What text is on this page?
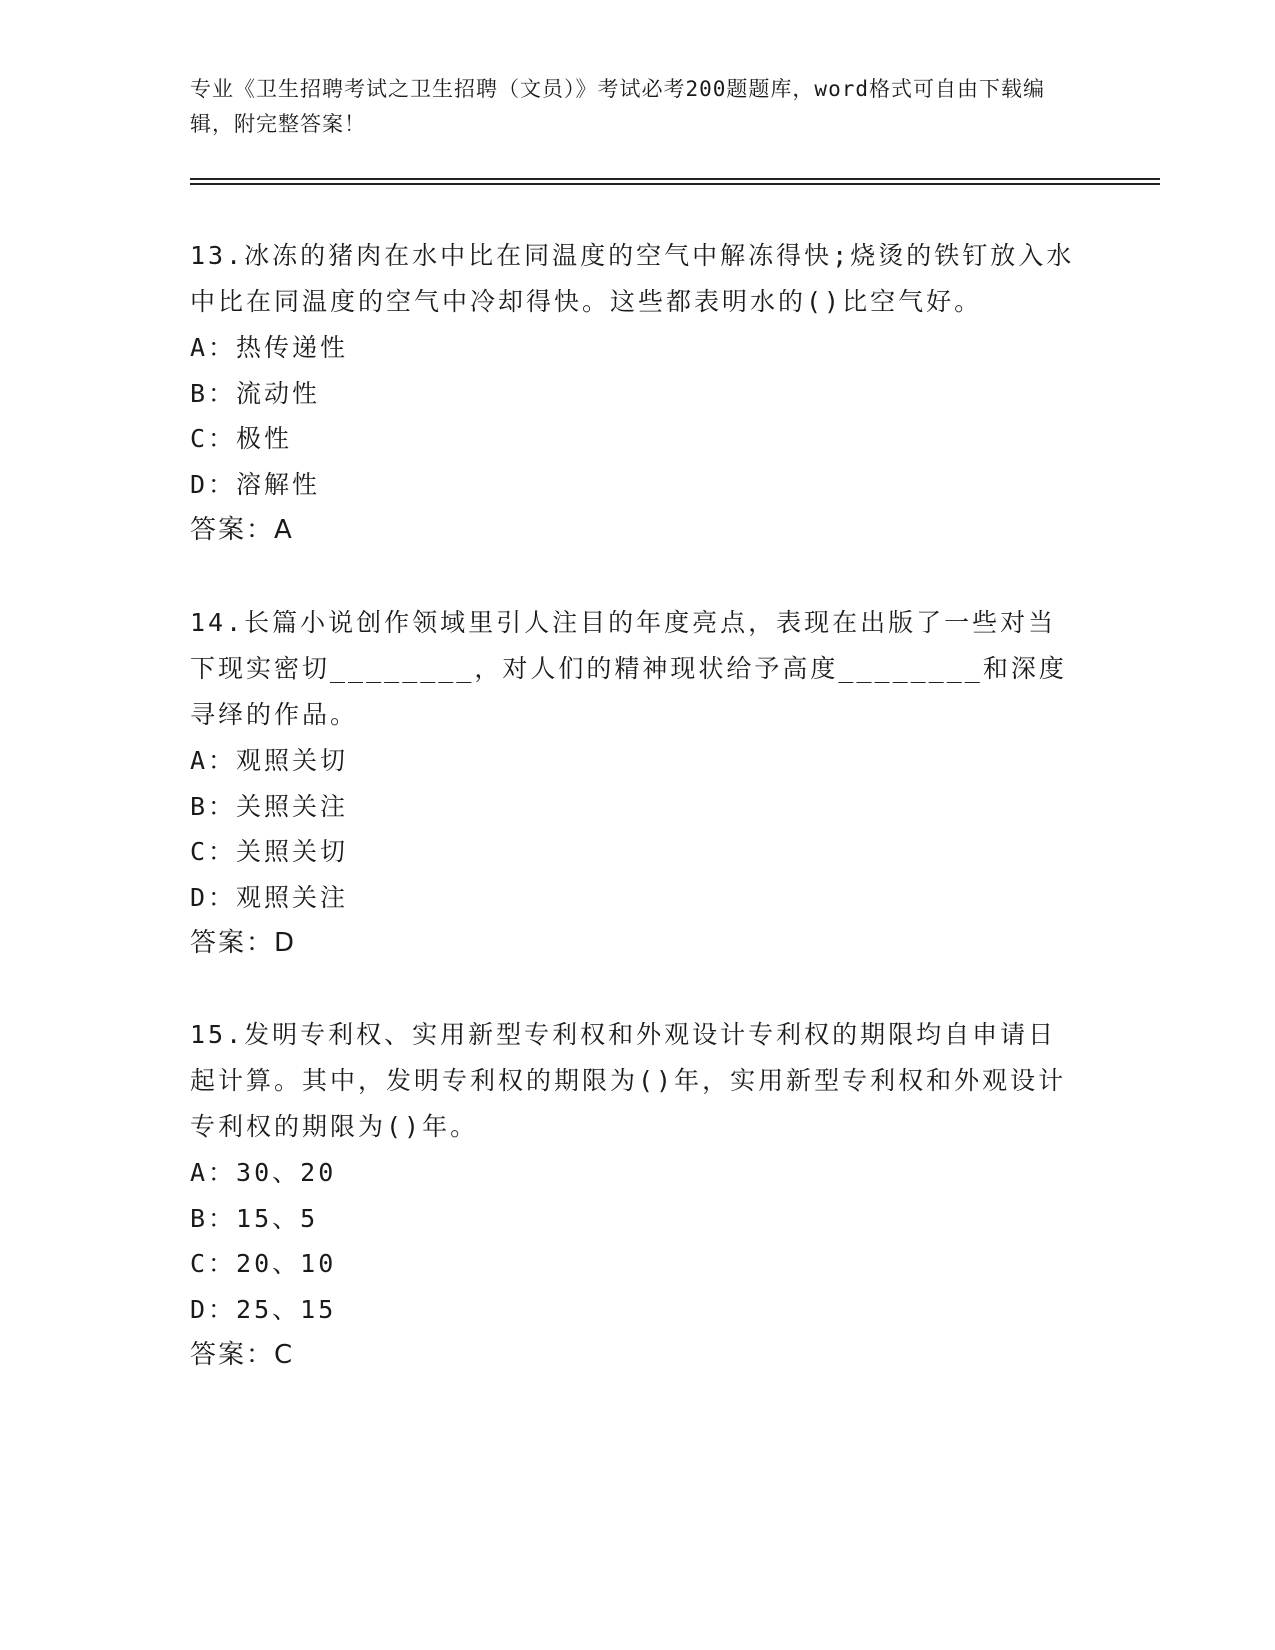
专业《卫生招聘考试之卫生招聘（文员）》考试必考200题题库，word格式可自由下载编辑，附完整答案！

13.冰冻的猪肉在水中比在同温度的空气中解冻得快;烧烫的铁钉放入水中比在同温度的空气中冷却得快。这些都表明水的()比空气好。

A：热传递性

B：流动性

C：极性

D：溶解性

答案：A

14.长篇小说创作领域里引人注目的年度亮点，表现在出版了一些对当下现实密切________，对人们的精神现状给予高度________和深度寻绎的作品。

A：观照关切

B：关照关注

C：关照关切

D：观照关注

答案：D

15.发明专利权、实用新型专利权和外观设计专利权的期限均自申请日起计算。其中，发明专利权的期限为()年，实用新型专利权和外观设计专利权的期限为()年。

A：30、20

B：15、5

C：20、10

D：25、15

答案：C
